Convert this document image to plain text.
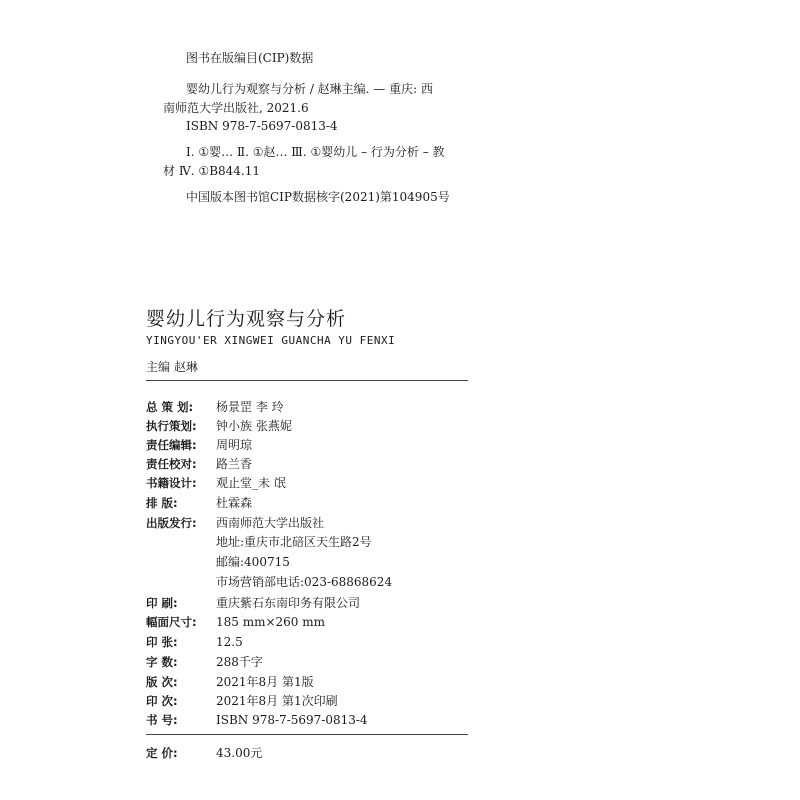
图书在版编目(CIP)数据
婴幼儿行为观察与分析 / 赵琳主编. — 重庆: 西
南师范大学出版社, 2021.6
ISBN 978-7-5697-0813-4
Ⅰ. ①婴… Ⅱ. ①赵… Ⅲ. ①婴幼儿 – 行为分析 – 教
材 Ⅳ. ①B844.11
中国版本图书馆CIP数据核字(2021)第104905号
婴幼儿行为观察与分析
YINGYOU'ER XINGWEI GUANCHA YU FENXI
主编 赵琳
总 策 划: 杨景罡 李 玲
执行策划: 钟小族 张燕妮
责任编辑: 周明琼
责任校对: 路兰香
书籍设计: 观止堂_未 氓
排 版:	杜霖森
出版发行: 西南师范大学出版社
地址:重庆市北碚区天生路2号
邮编:400715
市场营销部电话:023-68868624
印 刷:	重庆紫石东南印务有限公司
幅面尺寸: 185 mm×260 mm
印 张:	12.5
字 数:	288千字
版 次:	2021年8月 第1版
印 次:	2021年8月 第1次印刷
书 号:	ISBN 978-7-5697-0813-4
定 价:	43.00元
